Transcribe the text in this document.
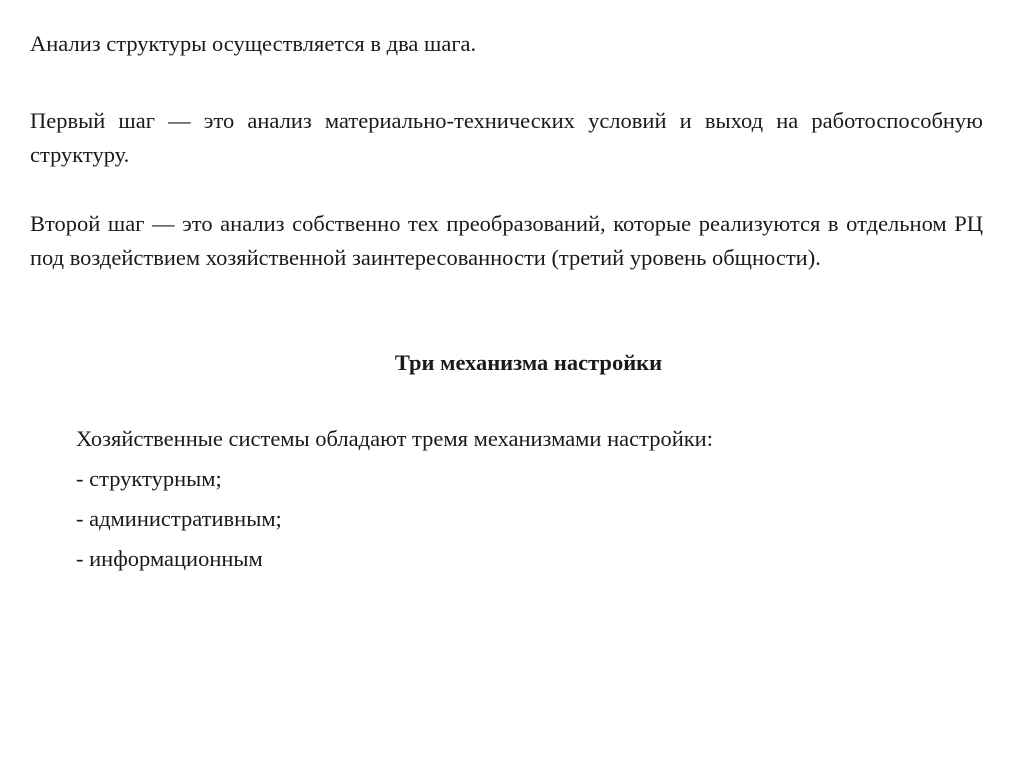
Анализ структуры осуществляется в два шага.

Первый шаг — это анализ материально-технических условий и выход на работоспособную структуру.

Второй шаг — это анализ собственно тех преобразований, которые реализуются в отдельном РЦ под воздействием хозяйственной заинтересованности (третий уровень общности).

Три механизма настройки

Хозяйственные системы обладают тремя механизмами настройки:

- структурным;

- административным;

- информационным
